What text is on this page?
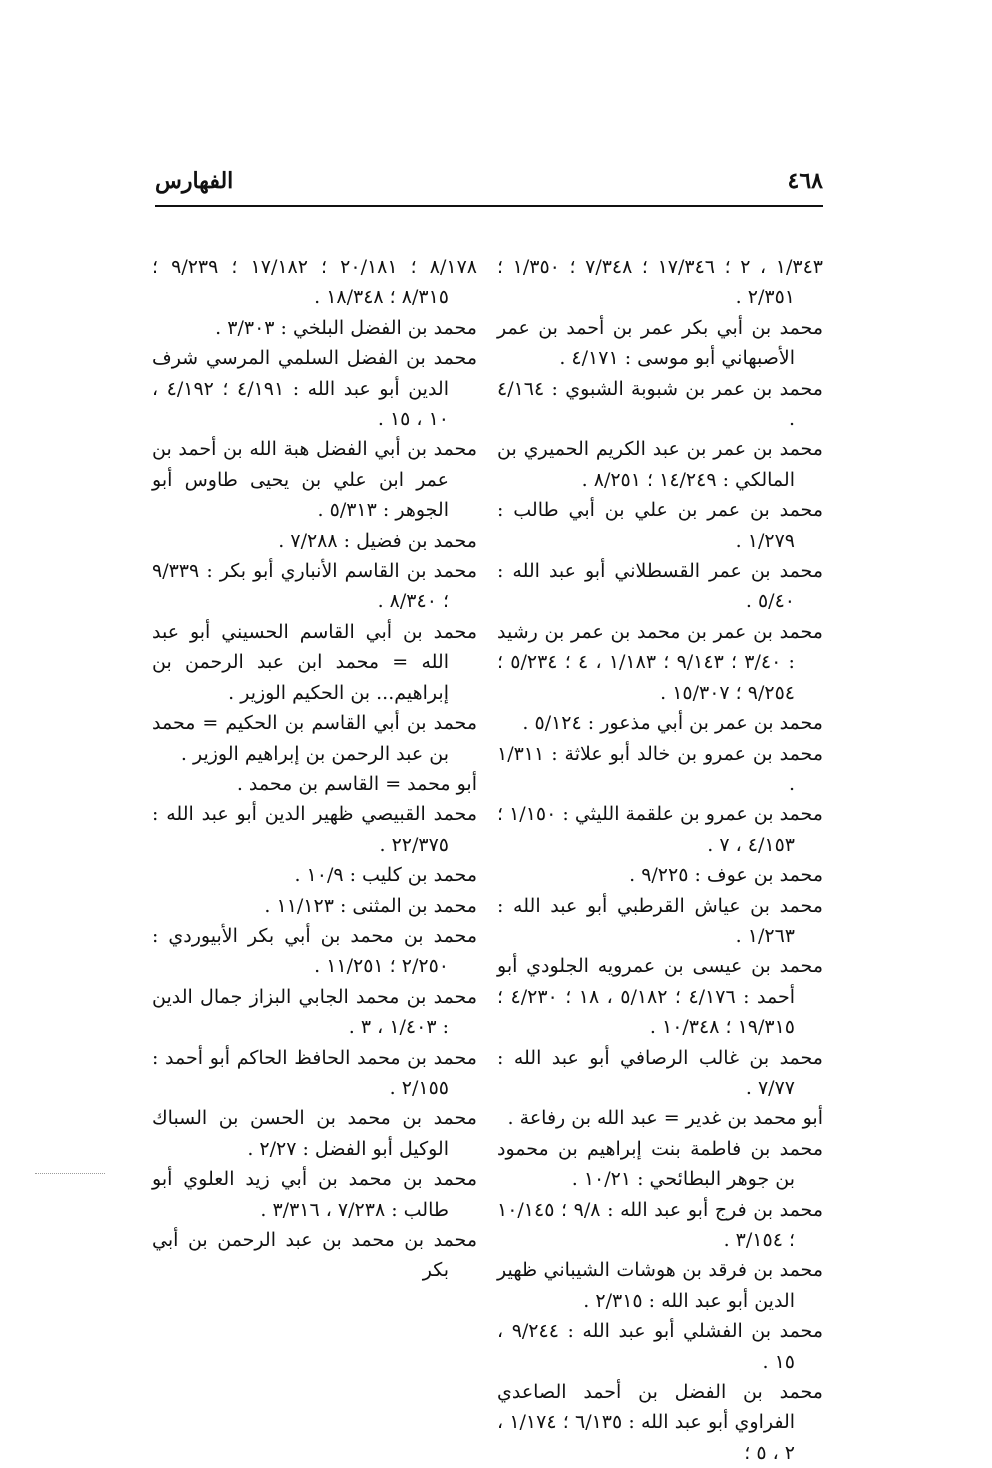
٤٦٨
الفهارس

١/٣٤٣ ، ٢ ؛ ١٧/٣٤٦ ؛ ٧/٣٤٨ ؛ ١/٣٥٠ ؛ ٢/٣٥١ .

محمد بن أبي بكر عمر بن أحمد بن عمر الأصبهاني أبو موسى : ٤/١٧١ .

محمد بن عمر بن شبوبة الشبوي : ٤/١٦٤ .

محمد بن عمر بن عبد الكريم الحميري بن المالكي : ١٤/٢٤٩ ؛ ٨/٢٥١ .

محمد بن عمر بن علي بن أبي طالب : ١/٢٧٩ .

محمد بن عمر القسطلاني أبو عبد الله : ٥/٤٠ .

محمد بن عمر بن محمد بن عمر بن رشيد : ٣/٤٠ ؛ ٩/١٤٣ ؛ ١/١٨٣ ، ٤ ؛ ٥/٢٣٤ ؛ ٩/٢٥٤ ؛ ١٥/٣٠٧ .

محمد بن عمر بن أبي مذعور : ٥/١٢٤ .

محمد بن عمرو بن خالد أبو علاثة : ١/٣١١ .

محمد بن عمرو بن علقمة الليثي : ١/١٥٠ ؛ ٤/١٥٣ ، ٧ .

محمد بن عوف : ٩/٢٢٥ .

محمد بن عياش القرطبي أبو عبد الله : ١/٢٦٣ .

محمد بن عيسى بن عمرويه الجلودي أبو أحمد : ٤/١٧٦ ؛ ٥/١٨٢ ، ١٨ ؛ ٤/٢٣٠ ؛ ١٩/٣١٥ ؛ ١٠/٣٤٨ .

محمد بن غالب الرصافي أبو عبد الله : ٧/٧٧ .

أبو محمد بن غدير = عبد الله بن رفاعة .

محمد بن فاطمة بنت إبراهيم بن محمود بن جوهر البطائحي : ١٠/٢١ .

محمد بن فرج أبو عبد الله : ٩/٨ ؛ ١٠/١٤٥ ؛ ٣/١٥٤ .

محمد بن فرقد بن هوشات الشيباني ظهير الدين أبو عبد الله : ٢/٣١٥ .

محمد بن الفشلي أبو عبد الله : ٩/٢٤٤ ، ١٥ .

محمد بن الفضل بن أحمد الصاعدي الفراوي أبو عبد الله : ٦/١٣٥ ؛ ١/١٧٤ ، ٢ ، ٥ ؛

٨/١٧٨ ؛ ٢٠/١٨١ ؛ ١٧/١٨٢ ؛ ٩/٢٣٩ ؛ ٨/٣١٥ ؛ ١٨/٣٤٨ .

محمد بن الفضل البلخي : ٣/٣٠٣ .

محمد بن الفضل السلمي المرسي شرف الدين أبو عبد الله : ٤/١٩١ ؛ ٤/١٩٢ ، ١٠ ، ١٥ .

محمد بن أبي الفضل هبة الله بن أحمد بن عمر ابن علي بن يحيى طاوس أبو الجوهر : ٥/٣١٣ .

محمد بن فضيل : ٧/٢٨٨ .

محمد بن القاسم الأنباري أبو بكر : ٩/٣٣٩ ؛ ٨/٣٤٠ .

محمد بن أبي القاسم الحسيني أبو عبد الله = محمد ابن عبد الرحمن بن إبراهيم... بن الحكيم الوزير .

محمد بن أبي القاسم بن الحكيم = محمد بن عبد الرحمن بن إبراهيم الوزير .

أبو محمد = القاسم بن محمد .

محمد القبيصي ظهير الدين أبو عبد الله : ٢٢/٣٧٥ .

محمد بن كليب : ١٠/٩ .

محمد بن المثنى : ١١/١٢٣ .

محمد بن محمد بن أبي بكر الأبيوردي : ٢/٢٥٠ ؛ ١١/٢٥١ .

محمد بن محمد الجابي البزاز جمال الدين : ١/٤٠٣ ، ٣ .

محمد بن محمد الحافظ الحاكم أبو أحمد : ٢/١٥٥ .

محمد بن محمد بن الحسن بن السباك الوكيل أبو الفضل : ٢/٢٧ .

محمد بن محمد بن أبي زيد العلوي أبو طالب : ٧/٢٣٨ ، ٣/٣١٦ .

محمد بن محمد بن عبد الرحمن بن أبي بكر
